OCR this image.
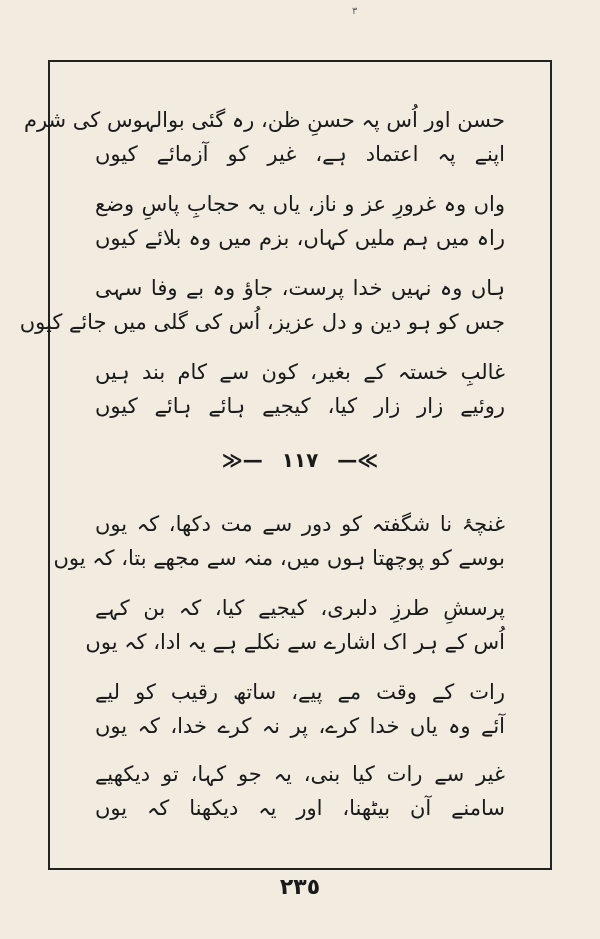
٣
حسن اور اُس پہ حسنِ ظن، رہ گئی بوالہوس کی شرم
اپنے پہ اعتماد ہے، غیر کو آزمائے کیوں
واں وہ غرورِ عز و ناز، یاں یہ حجابِ پاسِ وضع
راہ میں ہم ملیں کہاں، بزم میں وہ بلائے کیوں
ہاں وہ نہیں خدا پرست، جاؤ وہ بے وفا سہی
جس کو ہو دین و دل عزیز، اُس کی گلی میں جائے کیوں
غالبِ خستہ کے بغیر، کون سے کام بند ہیں
روئیے زار زار کیا، کیجیے ہائے ہائے کیوں
≫— ١١٧ —≪
غنچۂ نا شگفتہ کو دور سے مت دکھا، کہ یوں
بوسے کو پوچھتا ہوں میں، منہ سے مجھے بتا، کہ یوں
پرسشِ طرزِ دلبری، کیجیے کیا، کہ بن کہے
اُس کے ہر اک اشارے سے نکلے ہے یہ ادا، کہ یوں
رات کے وقت مے پیے، ساتھ رقیب کو لیے
آئے وہ یاں خدا کرے، پر نہ کرے خدا، کہ یوں
غیر سے رات کیا بنی، یہ جو کہا، تو دیکھیے
سامنے آن بیٹھنا، اور یہ دیکھنا کہ یوں
٢٣٥
